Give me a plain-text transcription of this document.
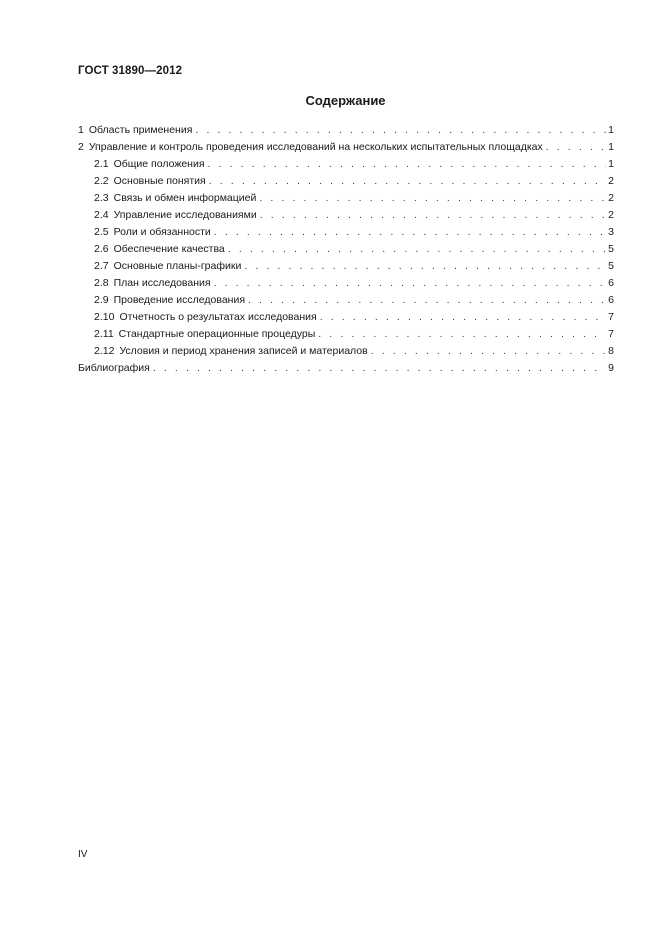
ГОСТ 31890—2012
Содержание
1 Область применения . . .	1
2 Управление и контроль проведения исследований на нескольких испытательных площадках . . .	1
2.1 Общие положения . . .	1
2.2 Основные понятия . . .	2
2.3 Связь и обмен информацией . . .	2
2.4 Управление исследованиями . . .	2
2.5 Роли и обязанности . . .	3
2.6 Обеспечение качества . . .	5
2.7 Основные планы-графики . . .	5
2.8 План исследования . . .	6
2.9 Проведение исследования . . .	6
2.10 Отчетность о результатах исследования . . .	7
2.11 Стандартные операционные процедуры . . .	7
2.12 Условия и период хранения записей и материалов . . .	8
Библиография . . .	9
IV
